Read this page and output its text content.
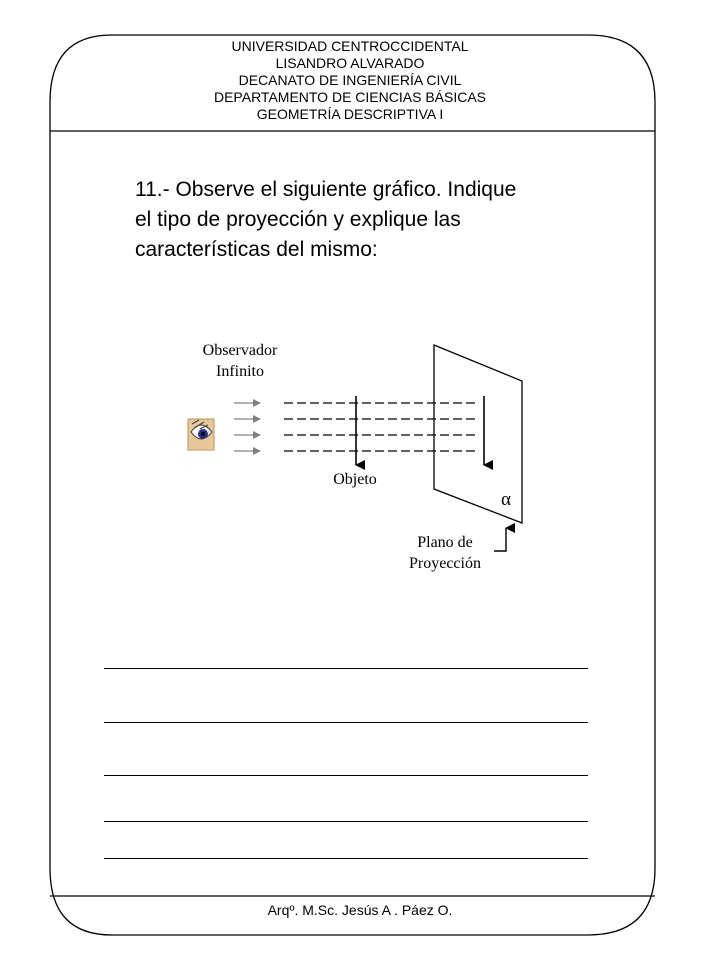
UNIVERSIDAD CENTROCCIDENTAL
LISANDRO ALVARADO
DECANATO DE INGENIERÍA CIVIL
DEPARTAMENTO DE CIENCIAS BÁSICAS
GEOMETRÍA DESCRIPTIVA I
11.- Observe el siguiente gráfico. Indique
el tipo de proyección y explique las
características del mismo:
Observador
Infinito
Objeto
α
Plano de
Proyección
Arqº. M.Sc. Jesús A . Páez O.
